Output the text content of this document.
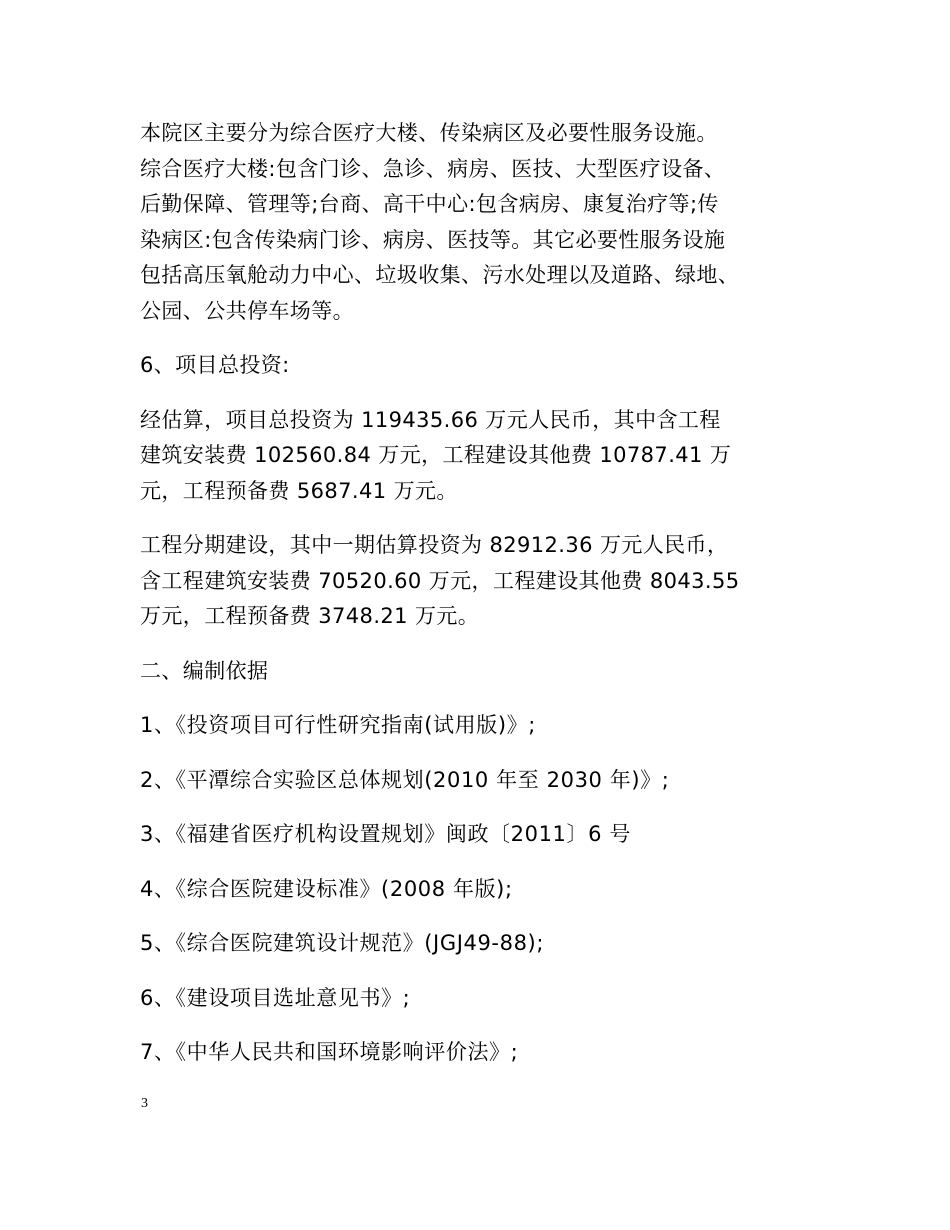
本院区主要分为综合医疗大楼、传染病区及必要性服务设施。
综合医疗大楼:包含门诊、急诊、病房、医技、大型医疗设备、
后勤保障、管理等;台商、高干中心:包含病房、康复治疗等;传
染病区:包含传染病门诊、病房、医技等。其它必要性服务设施
包括高压氧舱动力中心、垃圾收集、污水处理以及道路、绿地、
公园、公共停车场等。

6、项目总投资:

经估算，项目总投资为 119435.66 万元人民币，其中含工程
建筑安装费 102560.84 万元，工程建设其他费 10787.41 万
元，工程预备费 5687.41 万元。

工程分期建设，其中一期估算投资为 82912.36 万元人民币，
含工程建筑安装费 70520.60 万元，工程建设其他费 8043.55
万元，工程预备费 3748.21 万元。

二、编制依据

1、《投资项目可行性研究指南(试用版)》;

2、《平潭综合实验区总体规划(2010 年至 2030 年)》;

3、《福建省医疗机构设置规划》闽政〔2011〕6 号

4、《综合医院建设标准》(2008 年版);

5、《综合医院建筑设计规范》(JGJ49-88);

6、《建设项目选址意见书》;

7、《中华人民共和国环境影响评价法》;

3
